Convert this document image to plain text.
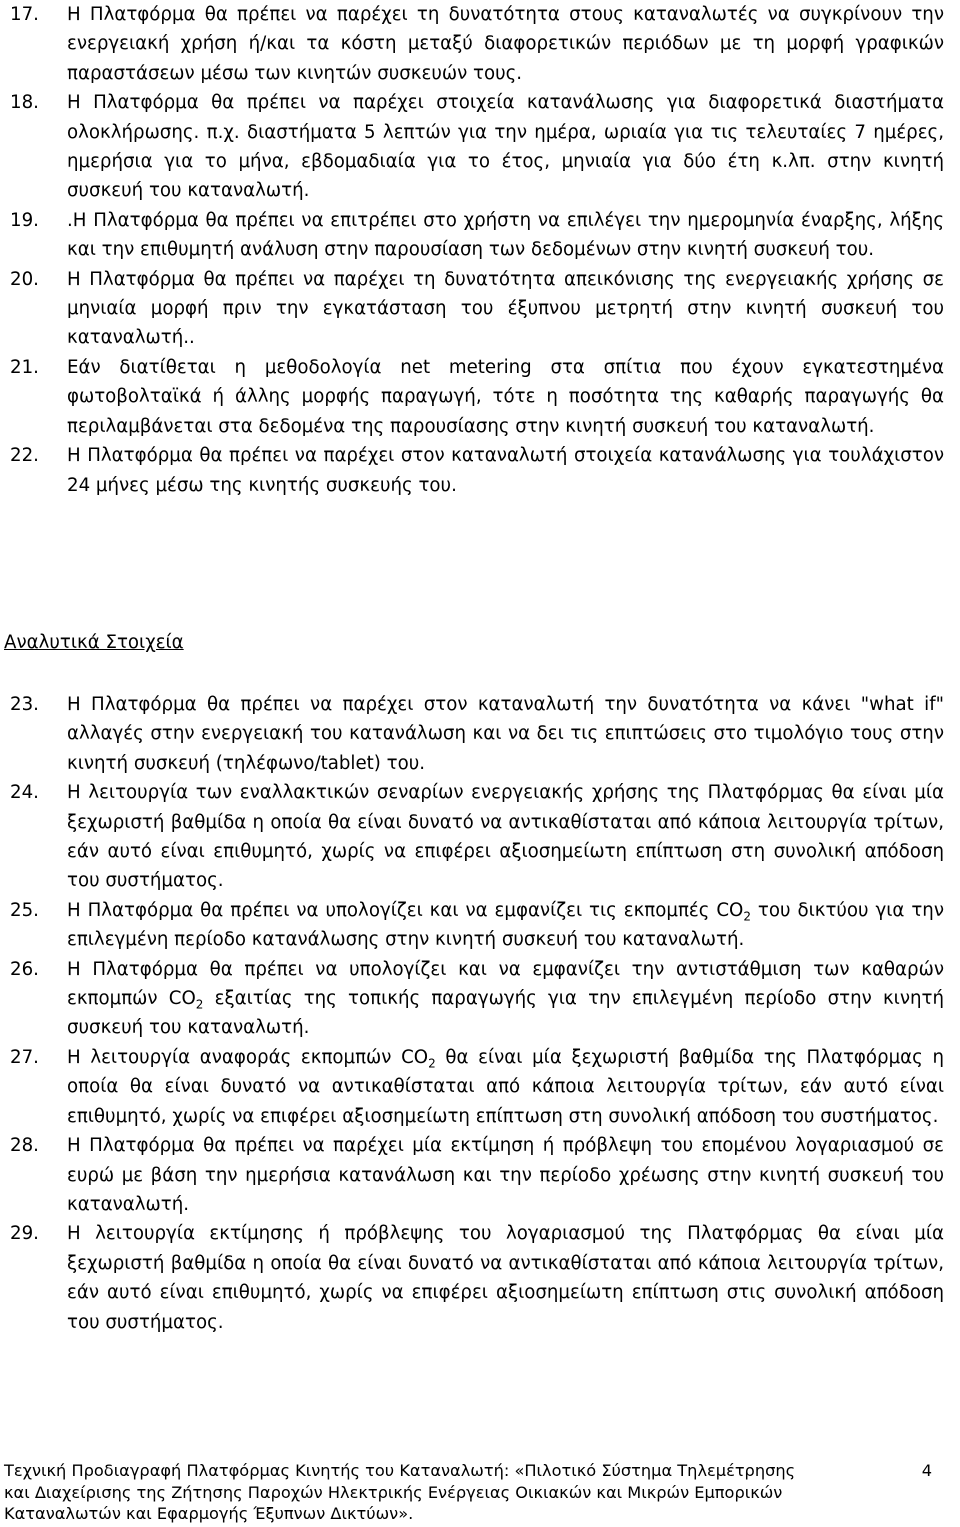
17.	Η Πλατφόρμα θα πρέπει να παρέχει τη δυνατότητα στους καταναλωτές να συγκρίνουν την ενεργειακή χρήση ή/και τα κόστη μεταξύ διαφορετικών περιόδων με τη μορφή γραφικών παραστάσεων μέσω των κινητών συσκευών τους.
18.	Η Πλατφόρμα θα πρέπει να παρέχει στοιχεία κατανάλωσης για διαφορετικά διαστήματα ολοκλήρωσης. π.χ. διαστήματα 5 λεπτών για την ημέρα, ωριαία για τις τελευταίες 7 ημέρες, ημερήσια για το μήνα, εβδομαδιαία για το έτος, μηνιαία για δύο έτη κ.λπ. στην κινητή συσκευή του καταναλωτή.
19.	.Η Πλατφόρμα θα πρέπει να επιτρέπει στο χρήστη να επιλέγει την ημερομηνία έναρξης, λήξης και την επιθυμητή ανάλυση στην παρουσίαση των δεδομένων στην κινητή συσκευή του.
20.	Η Πλατφόρμα θα πρέπει να παρέχει τη δυνατότητα απεικόνισης της ενεργειακής χρήσης σε μηνιαία μορφή πριν την εγκατάσταση του έξυπνου μετρητή στην κινητή συσκευή του καταναλωτή..
21.	Εάν διατίθεται η μεθοδολογία net metering στα σπίτια που έχουν εγκατεστημένα φωτοβολταϊκά ή άλλης μορφής παραγωγή, τότε η ποσότητα της καθαρής παραγωγής θα περιλαμβάνεται στα δεδομένα της παρουσίασης στην κινητή συσκευή του καταναλωτή.
22.	Η Πλατφόρμα θα πρέπει να παρέχει στον καταναλωτή στοιχεία κατανάλωσης για τουλάχιστον 24 μήνες μέσω της κινητής συσκευής του.
Αναλυτικά Στοιχεία
23.	Η Πλατφόρμα θα πρέπει να παρέχει στον καταναλωτή την δυνατότητα να κάνει "what if" αλλαγές στην ενεργειακή του κατανάλωση και να δει τις επιπτώσεις στο τιμολόγιο τους στην κινητή συσκευή (τηλέφωνο/tablet) του.
24.	Η λειτουργία των εναλλακτικών σεναρίων ενεργειακής χρήσης της Πλατφόρμας θα είναι μία ξεχωριστή βαθμίδα η οποία θα είναι δυνατό να αντικαθίσταται από κάποια λειτουργία τρίτων, εάν αυτό είναι επιθυμητό, χωρίς να επιφέρει αξιοσημείωτη επίπτωση στη συνολική απόδοση του συστήματος.
25.	Η Πλατφόρμα θα πρέπει να υπολογίζει και να εμφανίζει τις εκπομπές $CO_2$ του δικτύου για την επιλεγμένη περίοδο κατανάλωσης στην κινητή συσκευή του καταναλωτή.
26.	Η Πλατφόρμα θα πρέπει να υπολογίζει και να εμφανίζει την αντιστάθμιση των καθαρών εκπομπών $CO_2$ εξαιτίας της τοπικής παραγωγής για την επιλεγμένη περίοδο στην κινητή συσκευή του καταναλωτή.
27.	Η λειτουργία αναφοράς εκπομπών $CO_2$ θα είναι μία ξεχωριστή βαθμίδα της Πλατφόρμας η οποία θα είναι δυνατό να αντικαθίσταται από κάποια λειτουργία τρίτων, εάν αυτό είναι επιθυμητό, χωρίς να επιφέρει αξιοσημείωτη επίπτωση στη συνολική απόδοση του συστήματος.
28.	Η Πλατφόρμα θα πρέπει να παρέχει μία εκτίμηση ή πρόβλεψη του επομένου λογαριασμού σε ευρώ με βάση την ημερήσια κατανάλωση και την περίοδο χρέωσης στην κινητή συσκευή του καταναλωτή.
29.	Η λειτουργία εκτίμησης ή πρόβλεψης του λογαριασμού της Πλατφόρμας θα είναι μία ξεχωριστή βαθμίδα η οποία θα είναι δυνατό να αντικαθίσταται από κάποια λειτουργία τρίτων, εάν αυτό είναι επιθυμητό, χωρίς να επιφέρει αξιοσημείωτη επίπτωση στις συνολική απόδοση του συστήματος.
Τεχνική Προδιαγραφή Πλατφόρμας Κινητής του Καταναλωτή: «Πιλοτικό Σύστημα Τηλεμέτρησης
και Διαχείρισης της Ζήτησης Παροχών Ηλεκτρικής Ενέργειας Οικιακών και Μικρών Εμπορικών
Καταναλωτών και Εφαρμογής Έξυπνων Δικτύων».
4
